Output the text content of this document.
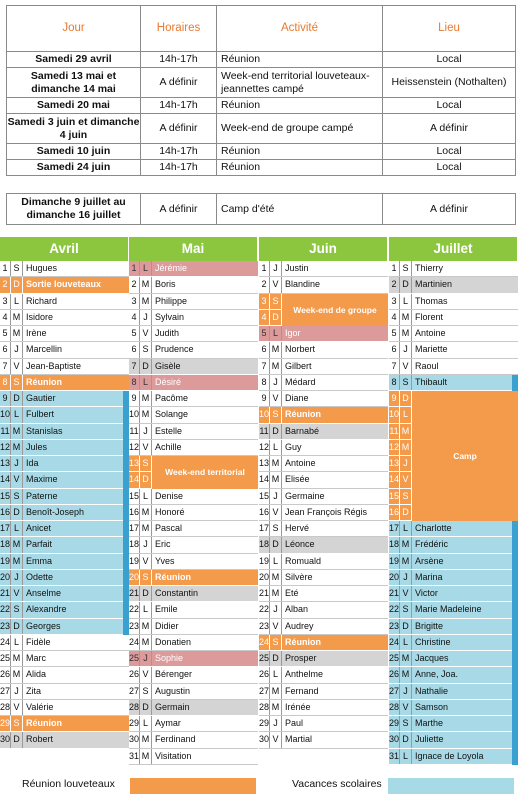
Jour	Horaires	Activité	Lieu
Samedi 29 avril	14h-17h	Réunion	Local
Samedi 13 mai et dimanche 14 mai	A définir	Week-end territorial louveteaux-jeannettes campé	Heissenstein (Nothalten)
Samedi 20 mai	14h-17h	Réunion	Local
Samedi 3 juin et dimanche 4 juin	A définir	Week-end de groupe campé	A définir
Samedi 10 juin	14h-17h	Réunion	Local
Samedi 24 juin	14h-17h	Réunion	Local
Dimanche 9 juillet au dimanche 16 juillet	A définir	Camp d'été	A définir
Avril
1 S Hugues
2 D Sortie louveteaux
3 L Richard
4 M Isidore
5 M Irène
6 J Marcellin
7 V Jean-Baptiste
8 S Réunion
9 D Gautier
10 L Fulbert
11 M Stanislas
12 M Jules
13 J Ida
14 V Maxime
15 S Paterne
16 D Benoît-Joseph
17 L Anicet
18 M Parfait
19 M Emma
20 J Odette
21 V Anselme
22 S Alexandre
23 D Georges
24 L Fidèle
25 M Marc
26 M Alida
27 J Zita
28 V Valérie
29 S Réunion
30 D Robert
Mai
1 L Jérémie
2 M Boris
3 M Philippe
4 J Sylvain
5 V Judith
6 S Prudence
7 D Gisèle
8 L Désiré
9 M Pacôme
10 M Solange
11 J Estelle
12 V Achille
13 S
14 D
15 L Denise
16 M Honoré
17 M Pascal
18 J Eric
19 V Yves
20 S Réunion
21 D Constantin
22 L Emile
23 M Didier
24 M Donatien
25 J Sophie
26 V Bérenger
27 S Augustin
28 D Germain
29 L Aymar
30 M Ferdinand
31 M Visitation
Juin
1 J Justin
2 V Blandine
3 S
4 D
5 L Igor
6 M Norbert
7 M Gilbert
8 J Médard
9 V Diane
10 S Réunion
11 D Barnabé
12 L Guy
13 M Antoine
14 M Elisée
15 J Germaine
16 V Jean François Régis
17 S Hervé
18 D Léonce
19 L Romuald
20 M Silvère
21 M Eté
22 J Alban
23 V Audrey
24 S Réunion
25 D Prosper
26 L Anthelme
27 M Fernand
28 M Irénée
29 J Paul
30 V Martial
Juillet
1 S Thierry
2 D Martinien
3 L Thomas
4 M Florent
5 M Antoine
6 J Mariette
7 V Raoul
8 S Thibault
9 D
10 L
11 M
12 M
13 J
14 V
15 S
16 D
17 L Charlotte
18 M Frédéric
19 M Arsène
20 J Marina
21 V Victor
22 S Marie Madeleine
23 D Brigitte
24 L Christine
25 M Jacques
26 M Anne, Joa.
27 J Nathalie
28 V Samson
29 S Marthe
30 D Juliette
31 L Ignace de Loyola
Week-end territorial
Week-end de groupe
Camp
Réunion louveteaux	Vacances scolaires
